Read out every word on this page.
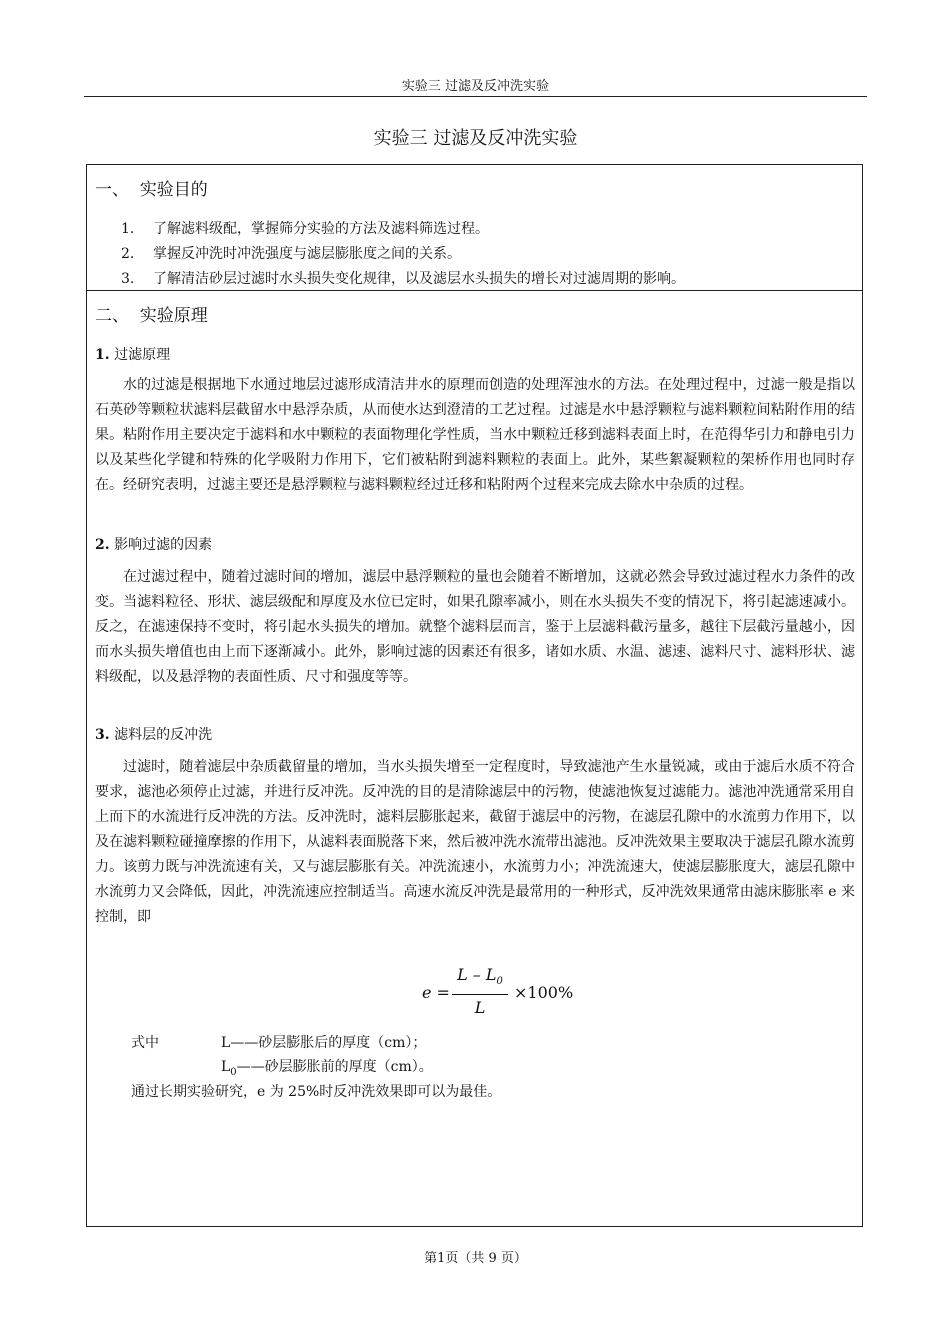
实验三 过滤及反冲洗实验
实验三 过滤及反冲洗实验
一、  实验目的
1. 了解滤料级配，掌握筛分实验的方法及滤料筛选过程。
2. 掌握反冲洗时冲洗强度与滤层膨胀度之间的关系。
3. 了解清洁砂层过滤时水头损失变化规律，以及滤层水头损失的增长对过滤周期的影响。
二、  实验原理
1. 过滤原理

水的过滤是根据地下水通过地层过滤形成清洁井水的原理而创造的处理浑浊水的方法。在处理过程中，过滤一般是指以石英砂等颗粒状滤料层截留水中悬浮杂质，从而使水达到澄清的工艺过程。过滤是水中悬浮颗粒与滤料颗粒间粘附作用的结果。粘附作用主要决定于滤料和水中颗粒的表面物理化学性质，当水中颗粒迁移到滤料表面上时，在范得华引力和静电引力以及某些化学键和特殊的化学吸附力作用下，它们被粘附到滤料颗粒的表面上。此外，某些絮凝颗粒的架桥作用也同时存在。经研究表明，过滤主要还是悬浮颗粒与滤料颗粒经过迁移和粘附两个过程来完成去除水中杂质的过程。

2. 影响过滤的因素

在过滤过程中，随着过滤时间的增加，滤层中悬浮颗粒的量也会随着不断增加，这就必然会导致过滤过程水力条件的改变。当滤料粒径、形状、滤层级配和厚度及水位已定时，如果孔隙率减小，则在水头损失不变的情况下，将引起滤速减小。反之，在滤速保持不变时，将引起水头损失的增加。就整个滤料层而言，鉴于上层滤料截污量多，越往下层截污量越小，因而水头损失增值也由上而下逐渐减小。此外，影响过滤的因素还有很多，诸如水质、水温、滤速、滤料尺寸、滤料形状、滤料级配，以及悬浮物的表面性质、尺寸和强度等等。

3. 滤料层的反冲洗

过滤时，随着滤层中杂质截留量的增加，当水头损失增至一定程度时，导致滤池产生水量锐减，或由于滤后水质不符合要求，滤池必须停止过滤，并进行反冲洗。反冲洗的目的是清除滤层中的污物，使滤池恢复过滤能力。滤池冲洗通常采用自上而下的水流进行反冲洗的方法。反冲洗时，滤料层膨胀起来，截留于滤层中的污物，在滤层孔隙中的水流剪力作用下，以及在滤料颗粒碰撞摩擦的作用下，从滤料表面脱落下来，然后被冲洗水流带出滤池。反冲洗效果主要取决于滤层孔隙水流剪力。该剪力既与冲洗流速有关，又与滤层膨胀有关。冲洗流速小，水流剪力小；冲洗流速大，使滤层膨胀度大，滤层孔隙中水流剪力又会降低，因此，冲洗流速应控制适当。高速水流反冲洗是最常用的一种形式，反冲洗效果通常由滤床膨胀率 e 来控制，即

e =
L – $L_0$
L
×100%
式中	L——砂层膨胀后的厚度（cm）；
$L_0——$砂层膨胀前的厚度（cm）。
通过长期实验研究，e 为 25%时反冲洗效果即可以为最佳。
第1页（共 9 页）
